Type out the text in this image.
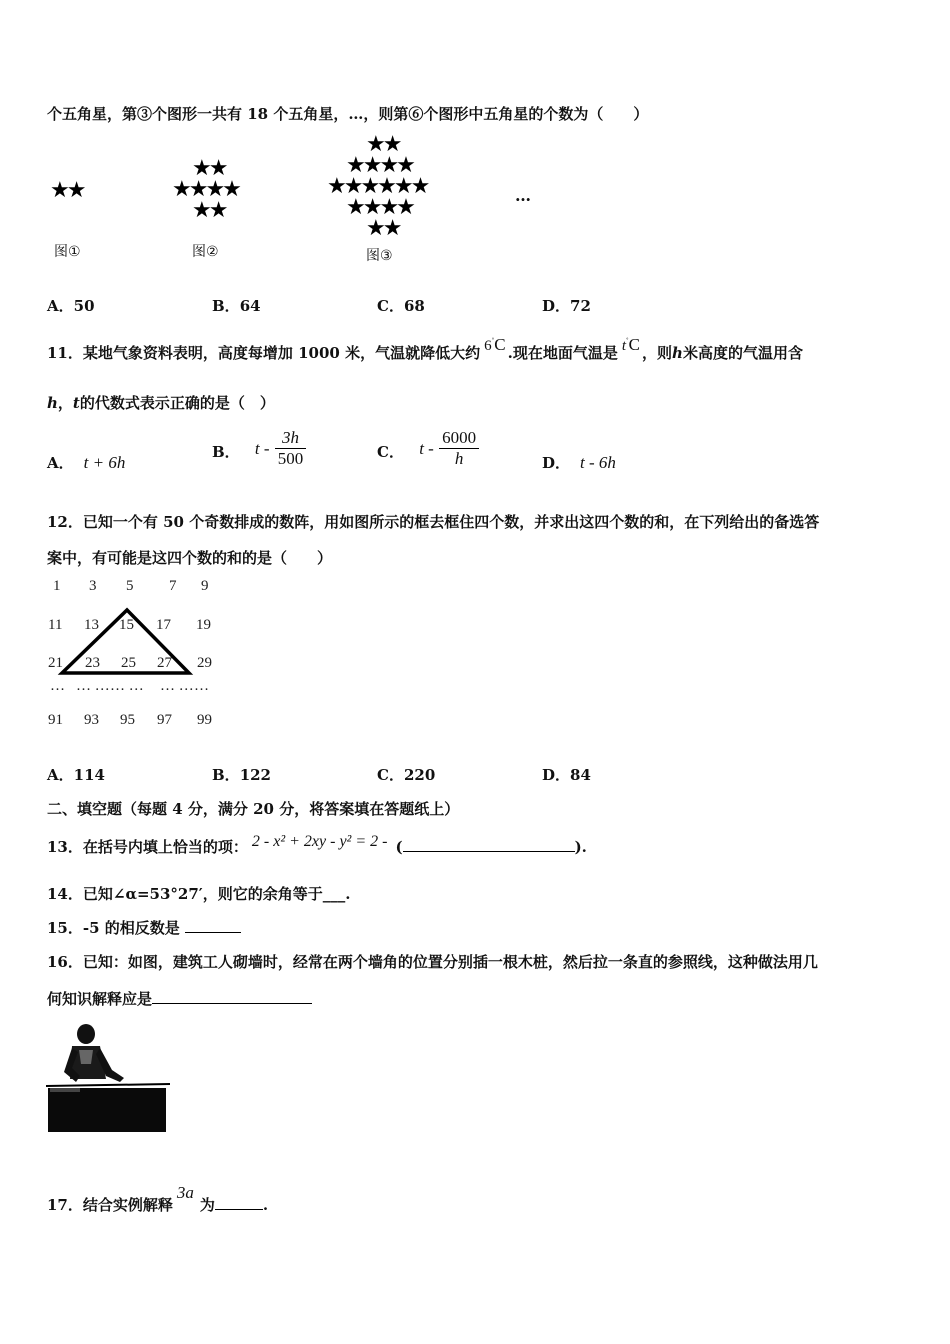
个五角星，第③个图形一共有 18 个五角星，…，则第⑥个图形中五角星的个数为（　　）
★★
★★
★★★★
★★
★★
★★★★
★★★★★★
★★★★
★★
…
图①	图②	图③
A．50	B．64	C．68	D．72
11．某地气象资料表明，高度每增加 1000 米，气温就降低大约 6˚C .现在地面气温是 t˚C ，则h米高度的气温用含
h，t的代数式表示正确的是（　）
A． t + 6h
B． t - $\frac{3h}{500}$	C． t - $\frac{6000}{h}$	D． t - 6h
12．已知一个有 50 个奇数排成的数阵，用如图所示的框去框住四个数，并求出这四个数的和，在下列给出的备选答
案中，有可能是这四个数的和的是（　　）
1 3 5 7 9
11 13 15 17 19
21 23 25 27 29
… … … … … … … …
91 93 95 97 99
A．114	B．122	C．220	D．84
二、填空题（每题 4 分，满分 20 分，将答案填在答题纸上）
13．在括号内填上恰当的项： 2 - x² + 2xy - y² = 2 - (	).
14．已知∠α=53°27′，则它的余角等于___.
15．-5 的相反数是
16．已知：如图，建筑工人砌墙时，经常在两个墙角的位置分别插一根木桩，然后拉一条直的参照线，这种做法用几
何知识解释应是
17．结合实例解释3a为	.
